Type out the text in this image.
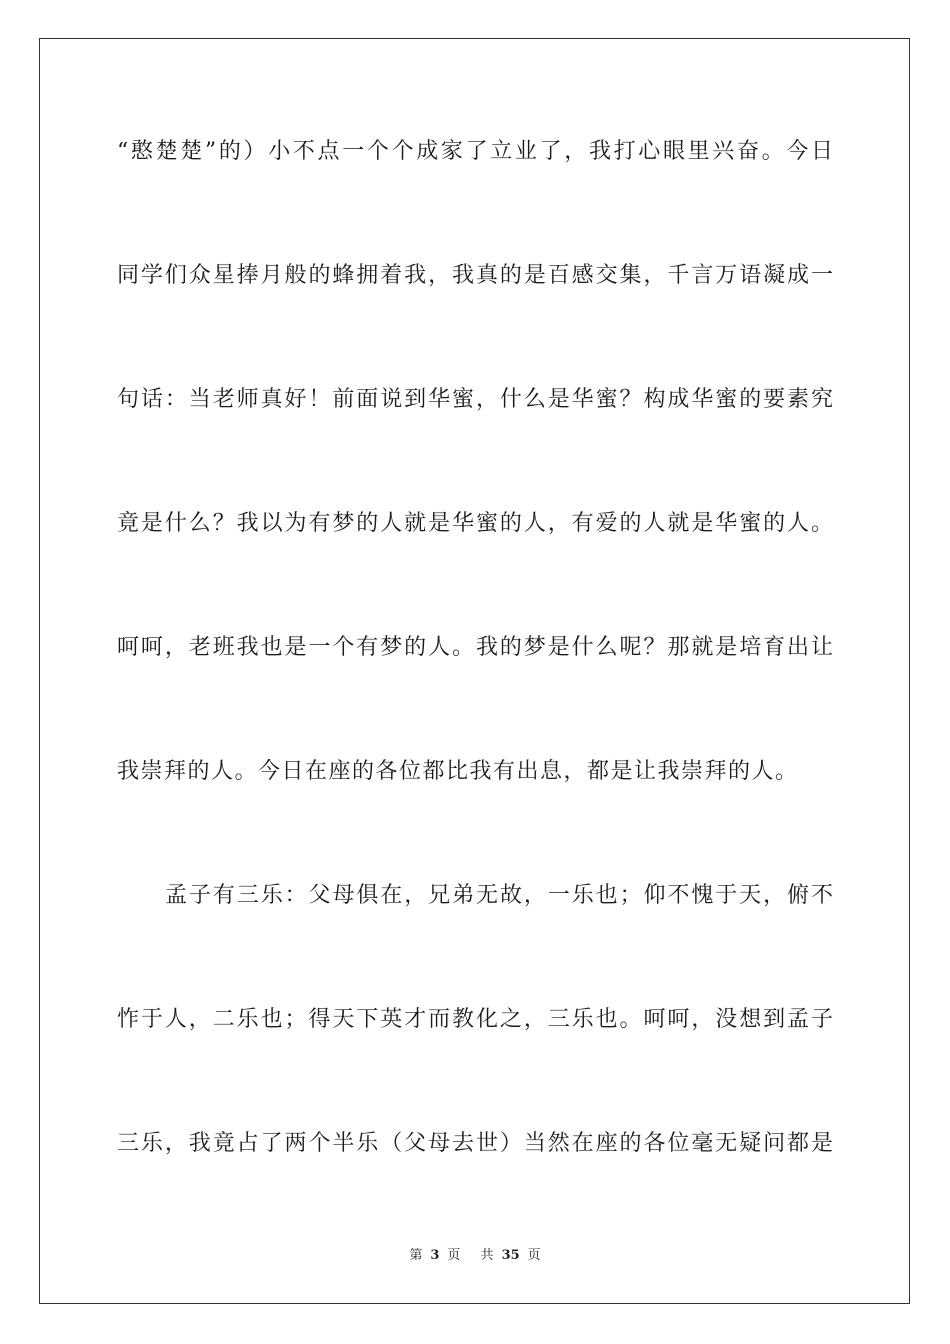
“憨楚楚”的）小不点一个个成家了立业了，我打心眼里兴奋。今日
同学们众星捧月般的蜂拥着我，我真的是百感交集，千言万语凝成一
句话：当老师真好！前面说到华蜜，什么是华蜜？构成华蜜的要素究
竟是什么？我以为有梦的人就是华蜜的人，有爱的人就是华蜜的人。
呵呵，老班我也是一个有梦的人。我的梦是什么呢？那就是培育出让
我崇拜的人。今日在座的各位都比我有出息，都是让我崇拜的人。
孟子有三乐：父母俱在，兄弟无故，一乐也；仰不愧于天，俯不
怍于人，二乐也；得天下英才而教化之，三乐也。呵呵，没想到孟子
三乐，我竟占了两个半乐（父母去世）当然在座的各位毫无疑问都是
第 3 页 共 35 页
